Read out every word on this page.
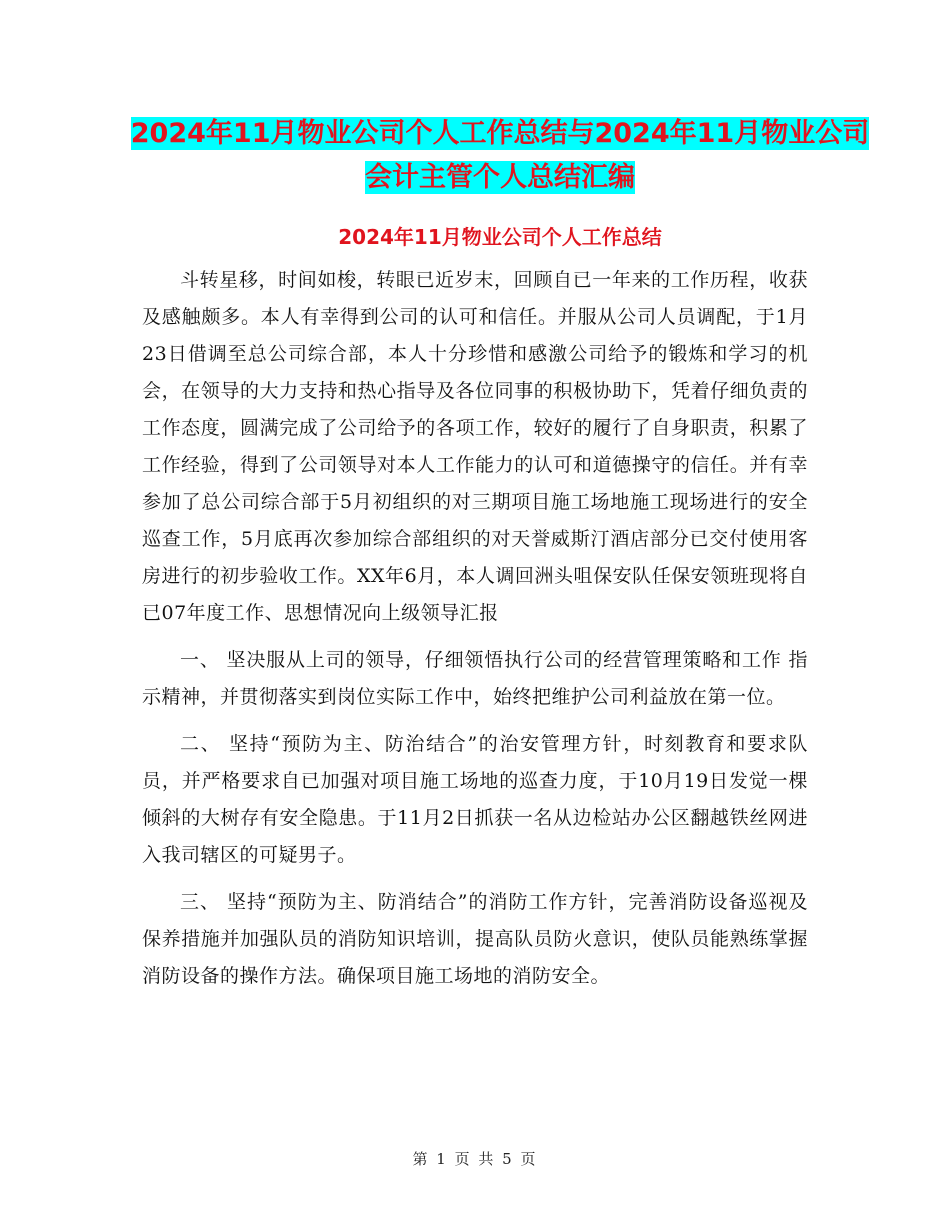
2024年11月物业公司个人工作总结与2024年11月物业公司会计主管个人总结汇编
2024年11月物业公司个人工作总结

斗转星移，时间如梭，转眼已近岁末，回顾自已一年来的工作历程，收获及感触颇多。本人有幸得到公司的认可和信任。并服从公司人员调配，于1月23日借调至总公司综合部，本人十分珍惜和感激公司给予的锻炼和学习的机会，在领导的大力支持和热心指导及各位同事的积极协助下，凭着仔细负责的工作态度，圆满完成了公司给予的各项工作，较好的履行了自身职责，积累了工作经验，得到了公司领导对本人工作能力的认可和道德操守的信任。并有幸参加了总公司综合部于5月初组织的对三期项目施工场地施工现场进行的安全巡查工作，5月底再次参加综合部组织的对天誉威斯汀酒店部分已交付使用客房进行的初步验收工作。XX年6月，本人调回洲头咀保安队任保安领班现将自已07年度工作、思想情况向上级领导汇报

一、 坚决服从上司的领导，仔细领悟执行公司的经营管理策略和工作 指示精神，并贯彻落实到岗位实际工作中，始终把维护公司利益放在第一位。

二、 坚持“预防为主、防治结合”的治安管理方针，时刻教育和要求队员，并严格要求自已加强对项目施工场地的巡查力度，于10月19日发觉一棵倾斜的大树存有安全隐患。于11月2日抓获一名从边检站办公区翻越铁丝网进入我司辖区的可疑男子。

三、 坚持“预防为主、防消结合”的消防工作方针，完善消防设备巡视及保养措施并加强队员的消防知识培训，提高队员防火意识，使队员能熟练掌握消防设备的操作方法。确保项目施工场地的消防安全。

第 1 页 共 5 页
